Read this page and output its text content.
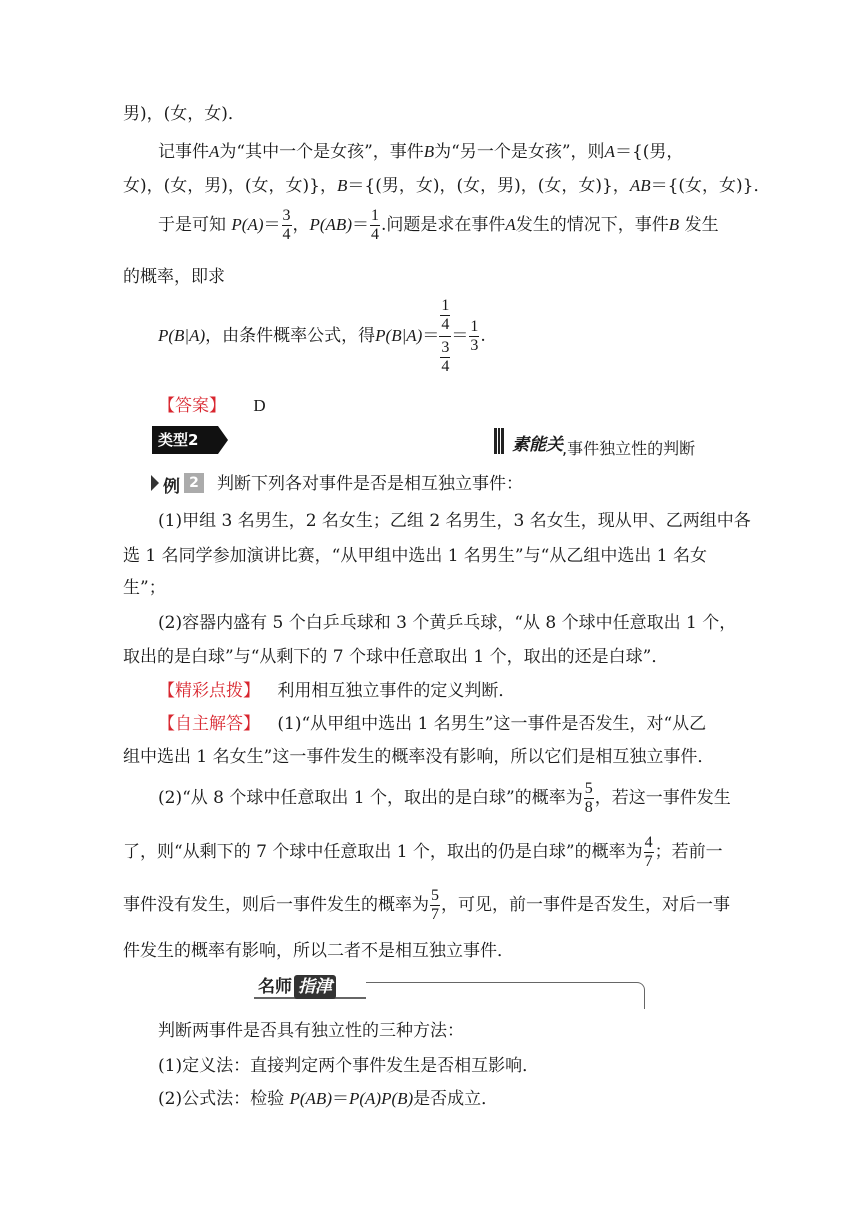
男)，(女，女)．
记事件A为“其中一个是女孩”，事件B为“另一个是女孩”，则A＝{(男，
女)，(女，男)，(女，女)}，B＝{(男，女)，(女，男)，(女，女)}，AB＝{(女，女)}．
于是可知 $P(A)= \frac{3}{4}$ ，$P(AB)= \frac{1}{4}$ .问题是求在事件A发生的情况下，事件B 发生
的概率，即求
P(B|A)，由条件概率公式，得$P(B|A)= \frac{\frac{1}{4}}{\frac{3}{4}} = \frac{1}{3}$ .
【答案】 D
类型2	素能关 ,事件独立性的判断
例 2	判断下列各对事件是否是相互独立事件：
(1)甲组 3 名男生，2 名女生；乙组 2 名男生，3 名女生，现从甲、乙两组中各
选 1 名同学参加演讲比赛，“从甲组中选出 1 名男生”与“从乙组中选出 1 名女
生”；
(2)容器内盛有 5 个白乒乓球和 3 个黄乒乓球，“从 8 个球中任意取出 1 个，
取出的是白球”与“从剩下的 7 个球中任意取出 1 个，取出的还是白球”．
【精彩点拨】 利用相互独立事件的定义判断．
【自主解答】 (1)“从甲组中选出 1 名男生”这一事件是否发生，对“从乙
组中选出 1 名女生”这一事件发生的概率没有影响，所以它们是相互独立事件．
(2)“从 8 个球中任意取出 1 个，取出的是白球”的概率为 $\frac{5}{8}$ ，若这一事件发生
了，则“从剩下的 7 个球中任意取出 1 个，取出的仍是白球”的概率为 $\frac{4}{7}$ ；若前一
事件没有发生，则后一事件发生的概率为 $\frac{5}{7}$ ，可见，前一事件是否发生，对后一事
件发生的概率有影响，所以二者不是相互独立事件．
名师 指津
判断两事件是否具有独立性的三种方法：
(1)定义法：直接判定两个事件发生是否相互影响．
(2)公式法：检验 P(AB)＝P(A)P(B)是否成立．
